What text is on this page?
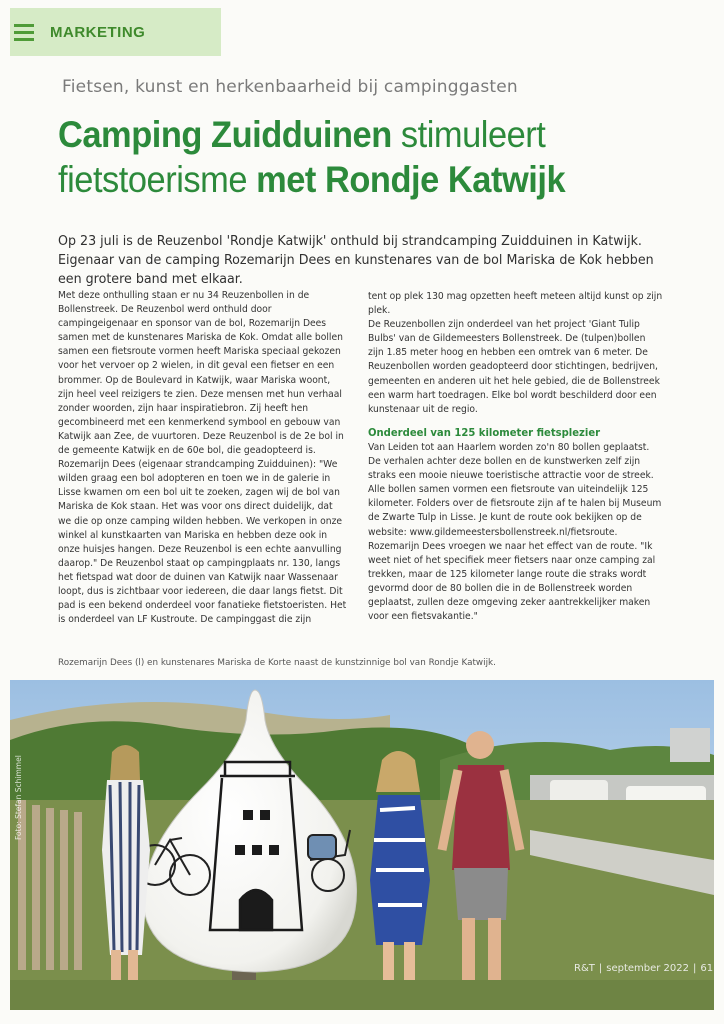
MARKETING
Fietsen, kunst en herkenbaarheid bij campinggasten
Camping Zuidduinen stimuleert
fietstoerisme met Rondje Katwijk

Op 23 juli is de Reuzenbol 'Rondje Katwijk' onthuld bij strandcamping Zuidduinen in Katwijk. Eigenaar van de camping Rozemarijn Dees en kunstenares van de bol Mariska de Kok hebben een grotere band met elkaar.

Met deze onthulling staan er nu 34 Reuzenbollen in de Bollenstreek. De Reuzenbol werd onthuld door campingeigenaar en sponsor van de bol, Rozemarijn Dees samen met de kunstenares Mariska de Kok. Omdat alle bollen samen een fietsroute vormen heeft Mariska speciaal gekozen voor het vervoer op 2 wielen, in dit geval een fietser en een brommer. Op de Boulevard in Katwijk, waar Mariska woont, zijn heel veel reizigers te zien. Deze mensen met hun verhaal zonder woorden, zijn haar inspiratiebron. Zij heeft hen gecombineerd met een kenmerkend symbool en gebouw van Katwijk aan Zee, de vuurtoren. Deze Reuzenbol is de 2e bol in de gemeente Katwijk en de 60e bol, die geadopteerd is. Rozemarijn Dees (eigenaar strandcamping Zuidduinen): "We wilden graag een bol adopteren en toen we in de galerie in Lisse kwamen om een bol uit te zoeken, zagen wij de bol van Mariska de Kok staan. Het was voor ons direct duidelijk, dat we die op onze camping wilden hebben. We verkopen in onze winkel al kunstkaarten van Mariska en hebben deze ook in onze huisjes hangen. Deze Reuzenbol is een echte aanvulling daarop." De Reuzenbol staat op campingplaats nr. 130, langs het fietspad wat door de duinen van Katwijk naar Wassenaar loopt, dus is zichtbaar voor iedereen, die daar langs fietst. Dit pad is een bekend onderdeel voor fanatieke fietstoeristen. Het is onderdeel van LF Kustroute. De campinggast die zijn

tent op plek 130 mag opzetten heeft meteen altijd kunst op zijn plek.

De Reuzenbollen zijn onderdeel van het project 'Giant Tulip Bulbs' van de Gildemeesters Bollenstreek. De (tulpen)bollen zijn 1.85 meter hoog en hebben een omtrek van 6 meter. De Reuzenbollen worden geadopteerd door stichtingen, bedrijven, gemeenten en anderen uit het hele gebied, die de Bollenstreek een warm hart toedragen. Elke bol wordt beschilderd door een kunstenaar uit de regio.

Onderdeel van 125 kilometer fietsplezier

Van Leiden tot aan Haarlem worden zo'n 80 bollen geplaatst. De verhalen achter deze bollen en de kunstwerken zelf zijn straks een mooie nieuwe toeristische attractie voor de streek. Alle bollen samen vormen een fietsroute van uiteindelijk 125 kilometer. Folders over de fietsroute zijn af te halen bij Museum de Zwarte Tulp in Lisse. Je kunt de route ook bekijken op de website: www.gildemeestersbollenstreek.nl/fietsroute. Rozemarijn Dees vroegen we naar het effect van de route. "Ik weet niet of het specifiek meer fietsers naar onze camping zal trekken, maar de 125 kilometer lange route die straks wordt gevormd door de 80 bollen die in de Bollenstreek worden geplaatst, zullen deze omgeving zeker aantrekkelijker maken voor een fietsvakantie."

Rozemarijn Dees (l) en kunstenares Mariska de Korte naast de kunstzinnige bol van Rondje Katwijk.
Foto: Stefan Schimmel
R&T | september 2022 | 61
